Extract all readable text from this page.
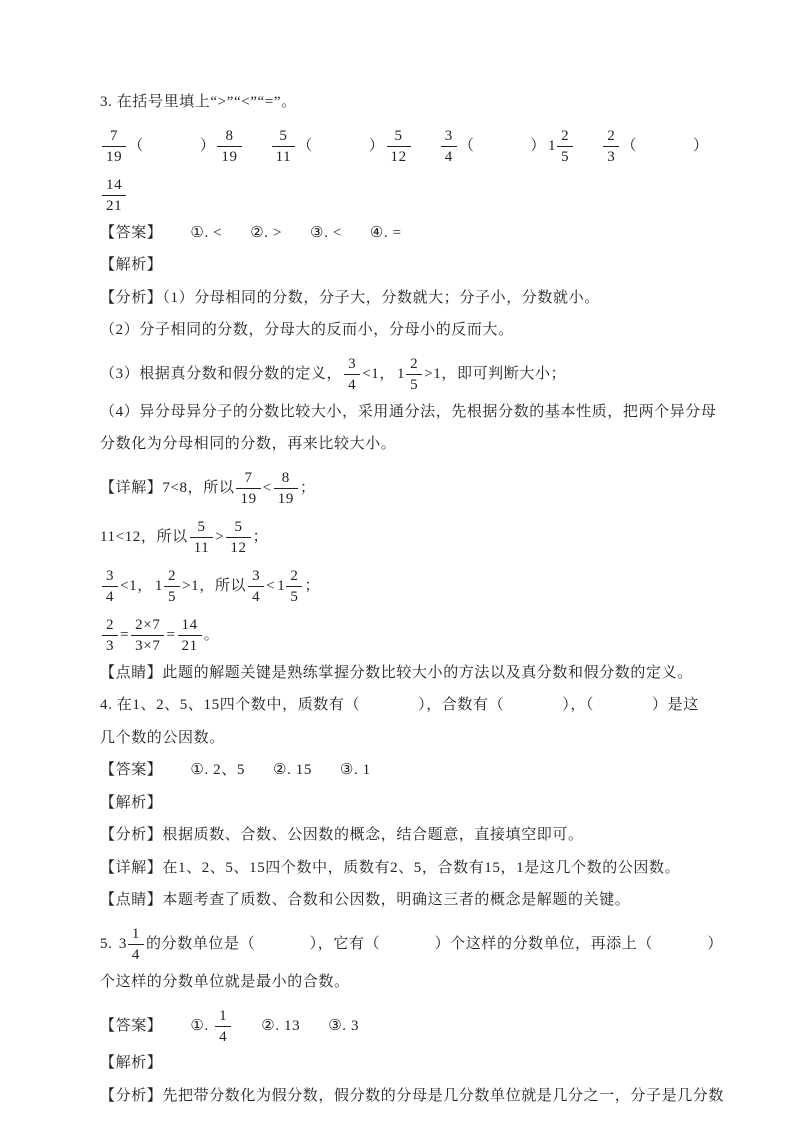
3. 在括号里填上“>”“<”“=”。
$\frac{7}{19}$ （	） $\frac{8}{19} \frac{5}{11}$ （	） $\frac{5}{12} \frac{3}{4}$ （	） $1 \frac{2}{5} \frac{2}{3}$ （	）
$\frac{14}{21}$
【答案】 ①. < ②. > ③. < ④. =
【解析】
【分析】（1）分母相同的分数，分子大，分数就大；分子小，分数就小。
（2）分子相同的分数，分母大的反而小，分母小的反而大。
（3）根据真分数和假分数的定义， $\frac{3}{4} <1$， $1 \frac{2}{5} >1$，即可判断大小；
（4）异分母异分子的分数比较大小，采用通分法，先根据分数的基本性质，把两个异分母
分数化为分母相同的分数，再来比较大小。
【详解】7<8，所以 $\frac{7}{19} < \frac{8}{19}$ ；
11<12，所以 $\frac{5}{11} > \frac{5}{12}$ ；
$\frac{3}{4} <1$， $1 \frac{2}{5} >1$，所以 $\frac{3}{4} < 1 \frac{2}{5}$ ；
$\frac{2}{3} = \frac{2\times 7}{3\times 7} = \frac{14}{21}$ 。
【点睛】此题的解题关键是熟练掌握分数比较大小的方法以及真分数和假分数的定义。
4. 在1、2、5、15四个数中，质数有（	），合数有（	），（	）是这
几个数的公因数。
【答案】 ①. 2、5 ②. 15 ③. 1
【解析】
【分析】根据质数、合数、公因数的概念，结合题意，直接填空即可。
【详解】在1、2、5、15四个数中，质数有2、5，合数有15，1是这几个数的公因数。
【点睛】本题考查了质数、合数和公因数，明确这三者的概念是解题的关键。
5. $3 \frac{1}{4}$ 的分数单位是（	），它有（	）个这样的分数单位，再添上（	）
个这样的分数单位就是最小的合数。
【答案】 ①. $\frac{1}{4}$ ②. 13 ③. 3
【解析】
【分析】先把带分数化为假分数，假分数的分母是几分数单位就是几分之一，分子是几分数
